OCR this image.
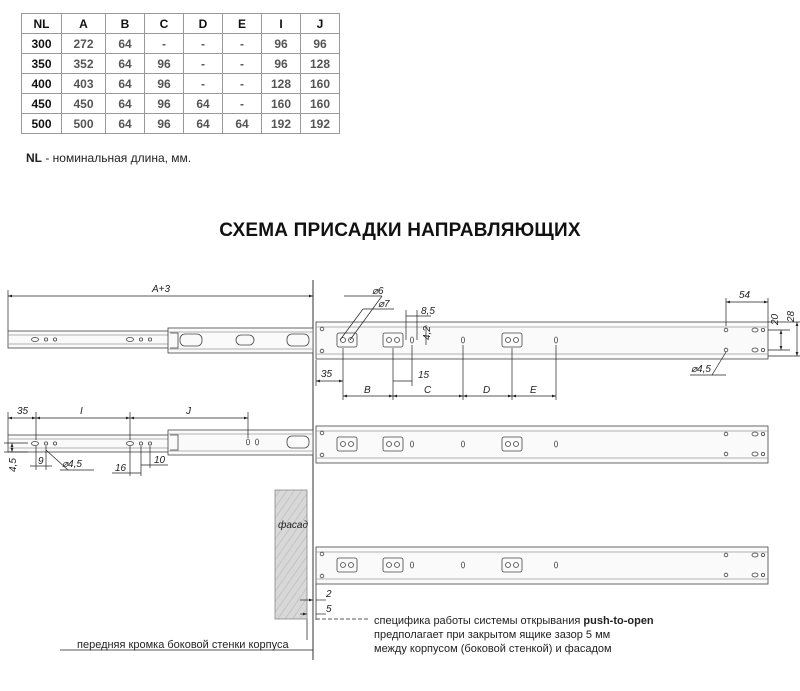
NL	A	B	C	D	E	I	J
300	272	64	-	-	-	96	96
350	352	64	96	-	-	96	128
400	403	64	96	-	-	128	160
450	450	64	96	64	-	160	160
500	500	64	96	64	64	192	192
NL - номинальная длина, мм.
СХЕМА ПРИСАДКИ НАПРАВЛЯЮЩИХ
A+3	⌀6
⌀7
8,5
4,2
54
20 28
⌀4,5
35	15
B	C	D	E
35	I	J
4,5 9 ⌀4,5	16
10
фасад
2
5
специфика работы системы открывания push-to-open
предполагает при закрытом ящике зазор 5 мм
между корпусом (боковой стенкой) и фасадом
передняя кромка боковой стенки корпуса
